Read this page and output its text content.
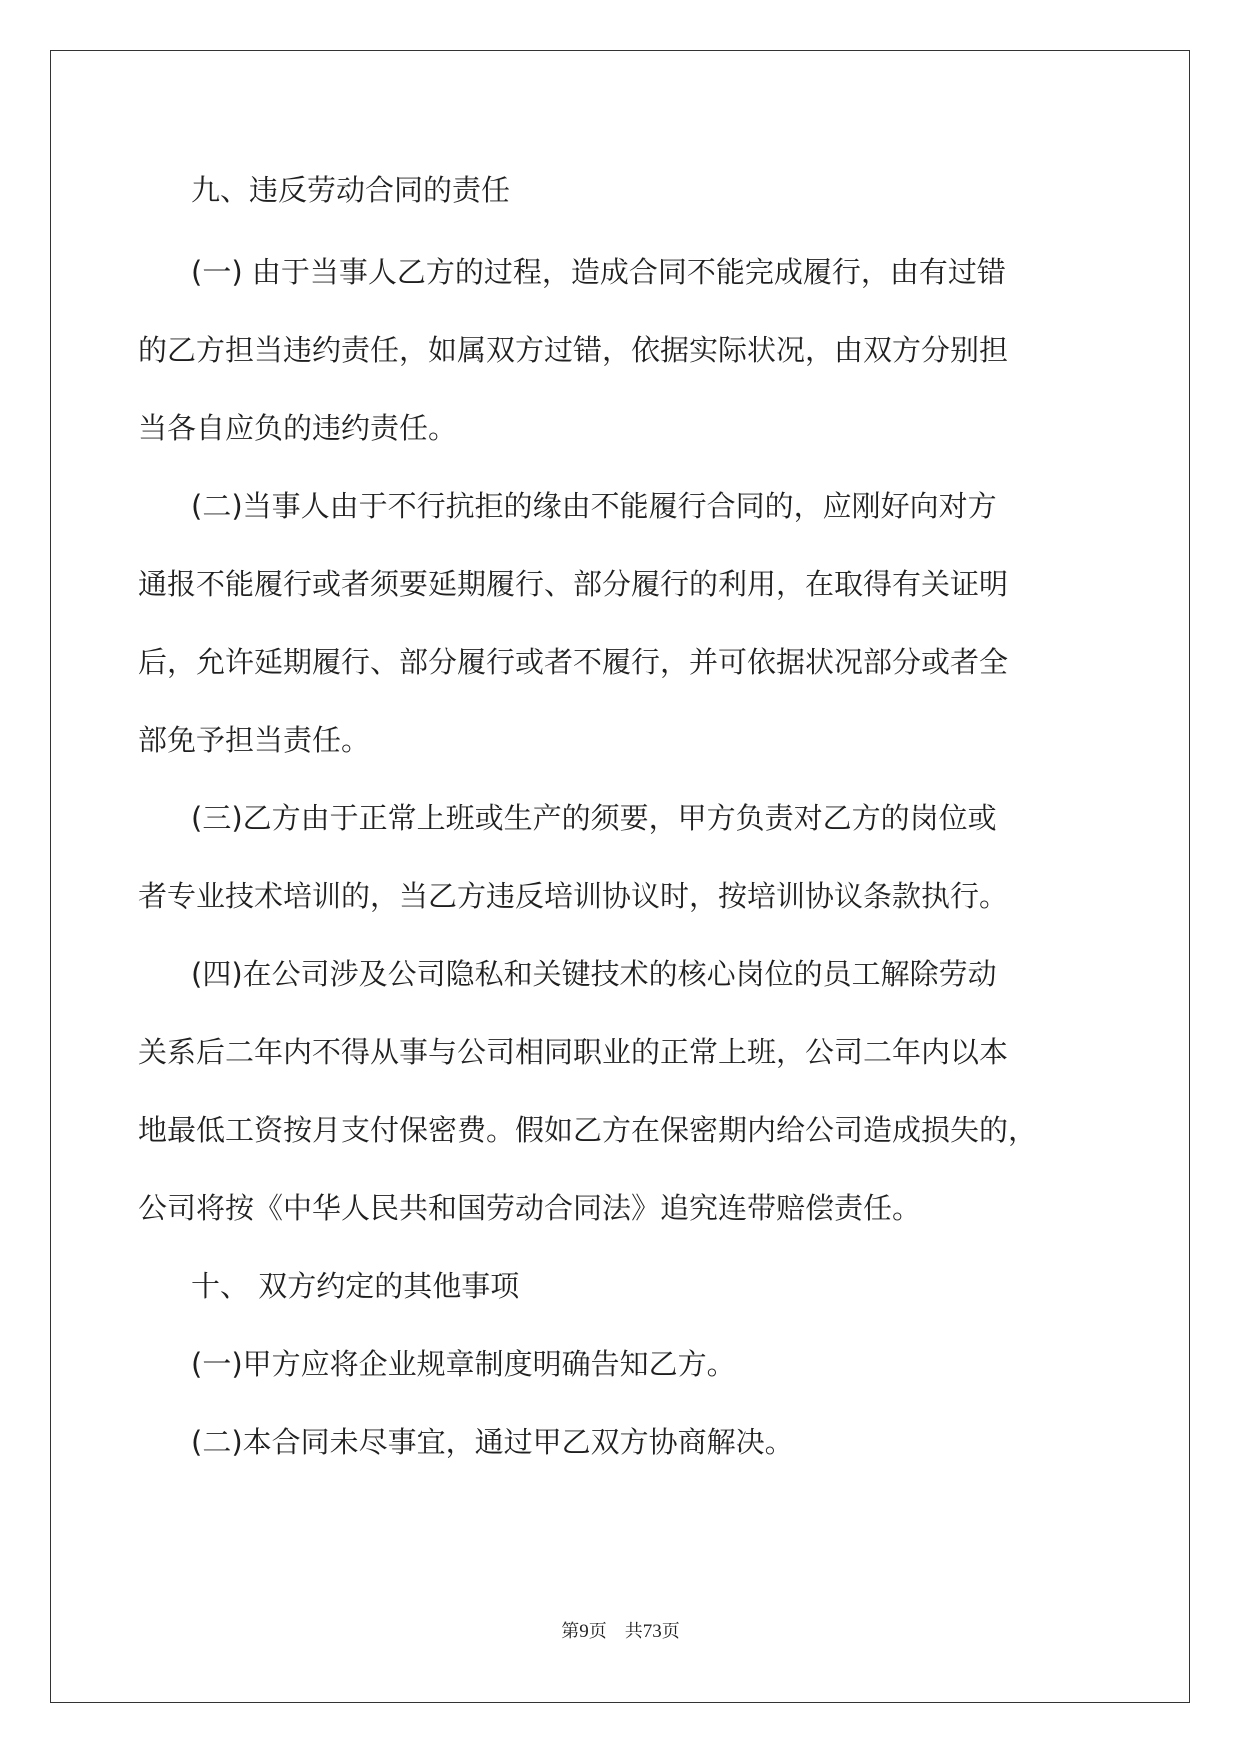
九、违反劳动合同的责任
(一) 由于当事人乙方的过程，造成合同不能完成履行，由有过错
的乙方担当违约责任，如属双方过错，依据实际状况，由双方分别担
当各自应负的违约责任。
(二)当事人由于不行抗拒的缘由不能履行合同的，应刚好向对方
通报不能履行或者须要延期履行、部分履行的利用，在取得有关证明
后，允许延期履行、部分履行或者不履行，并可依据状况部分或者全
部免予担当责任。
(三)乙方由于正常上班或生产的须要，甲方负责对乙方的岗位或
者专业技术培训的，当乙方违反培训协议时，按培训协议条款执行。
(四)在公司涉及公司隐私和关键技术的核心岗位的员工解除劳动
关系后二年内不得从事与公司相同职业的正常上班，公司二年内以本
地最低工资按月支付保密费。假如乙方在保密期内给公司造成损失的，
公司将按《中华人民共和国劳动合同法》追究连带赔偿责任。
十、 双方约定的其他事项
(一)甲方应将企业规章制度明确告知乙方。
(二)本合同未尽事宜，通过甲乙双方协商解决。
第9页　共73页
